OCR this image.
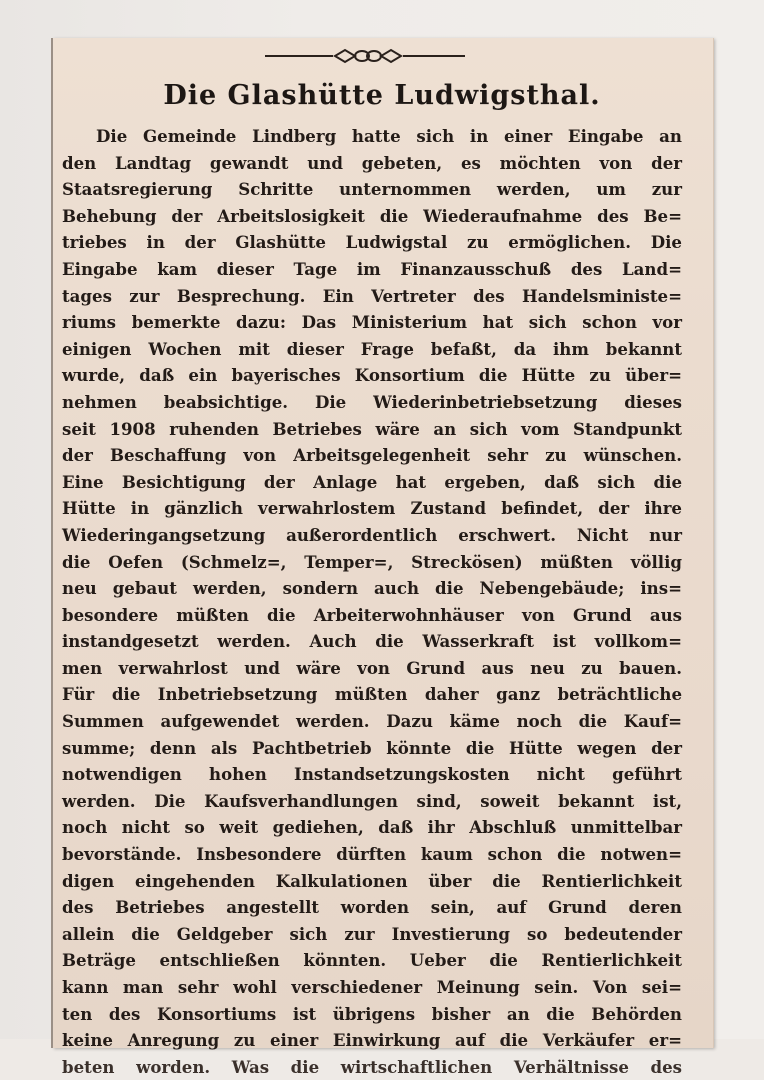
Die Glashütte Ludwigsthal.
Die Gemeinde Lindberg hatte sich in einer Eingabe an
den Landtag gewandt und gebeten, es möchten von der
Staatsregierung Schritte unternommen werden, um zur
Behebung der Arbeitslosigkeit die Wiederaufnahme des Be=
triebes in der Glashütte Ludwigstal zu ermöglichen. Die
Eingabe kam dieser Tage im Finanzausschuß des Land=
tages zur Besprechung. Ein Vertreter des Handelsministe=
riums bemerkte dazu: Das Ministerium hat sich schon vor
einigen Wochen mit dieser Frage befaßt, da ihm bekannt
wurde, daß ein bayerisches Konsortium die Hütte zu über=
nehmen beabsichtige. Die Wiederinbetriebsetzung dieses
seit 1908 ruhenden Betriebes wäre an sich vom Standpunkt
der Beschaffung von Arbeitsgelegenheit sehr zu wünschen.
Eine Besichtigung der Anlage hat ergeben, daß sich die
Hütte in gänzlich verwahrlostem Zustand befindet, der ihre
Wiederingangsetzung außerordentlich erschwert. Nicht nur
die Oefen (Schmelz=, Temper=, Streckösen) müßten völlig
neu gebaut werden, sondern auch die Nebengebäude; ins=
besondere müßten die Arbeiterwohnhäuser von Grund aus
instandgesetzt werden. Auch die Wasserkraft ist vollkom=
men verwahrlost und wäre von Grund aus neu zu bauen.
Für die Inbetriebsetzung müßten daher ganz beträchtliche
Summen aufgewendet werden. Dazu käme noch die Kauf=
summe; denn als Pachtbetrieb könnte die Hütte wegen der
notwendigen hohen Instandsetzungskosten nicht geführt
werden. Die Kaufsverhandlungen sind, soweit bekannt ist,
noch nicht so weit gediehen, daß ihr Abschluß unmittelbar
bevorstände. Insbesondere dürften kaum schon die notwen=
digen eingehenden Kalkulationen über die Rentierlichkeit
des Betriebes angestellt worden sein, auf Grund deren
allein die Geldgeber sich zur Investierung so bedeutender
Beträge entschließen könnten. Ueber die Rentierlichkeit
kann man sehr wohl verschiedener Meinung sein. Von sei=
ten des Konsortiums ist übrigens bisher an die Behörden
keine Anregung zu einer Einwirkung auf die Verkäufer er=
beten worden. Was die wirtschaftlichen Verhältnisse des
